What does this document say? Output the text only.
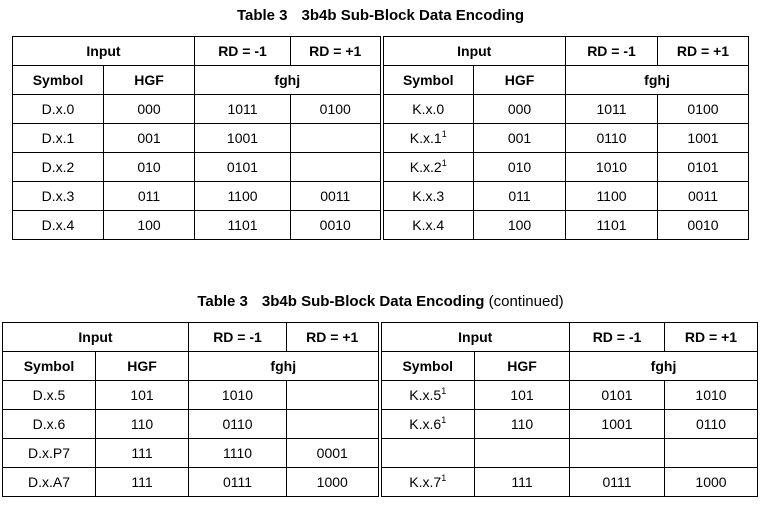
Table 3 3b4b Sub-Block Data Encoding
Input		RD = -1	RD = +1	Input		RD = -1	RD = +1
Symbol	HGF	fghj		Symbol	HGF	fghj	
D.x.0	000	1011	0100	K.x.0	000	1011	0100
D.x.1	001	1001		$K.x.1^1$	001	0110	1001
D.x.2	010	0101		$K.x.2^1$	010	1010	0101
D.x.3	011	1100	0011	K.x.3	011	1100	0011
D.x.4	100	1101	0010	K.x.4	100	1101	0010
Table 3 3b4b Sub-Block Data Encoding (continued)
Input		RD = -1	RD = +1	Input		RD = -1	RD = +1
Symbol	HGF	fghj		Symbol	HGF	fghj	
D.x.5	101	1010		$K.x.5^1$	101	0101	1010
D.x.6	110	0110		$K.x.6^1$	110	1001	0110
D.x.P7	111	1110	0001				
D.x.A7	111	0111	1000	$K.x.7^1$	111	0111	1000
